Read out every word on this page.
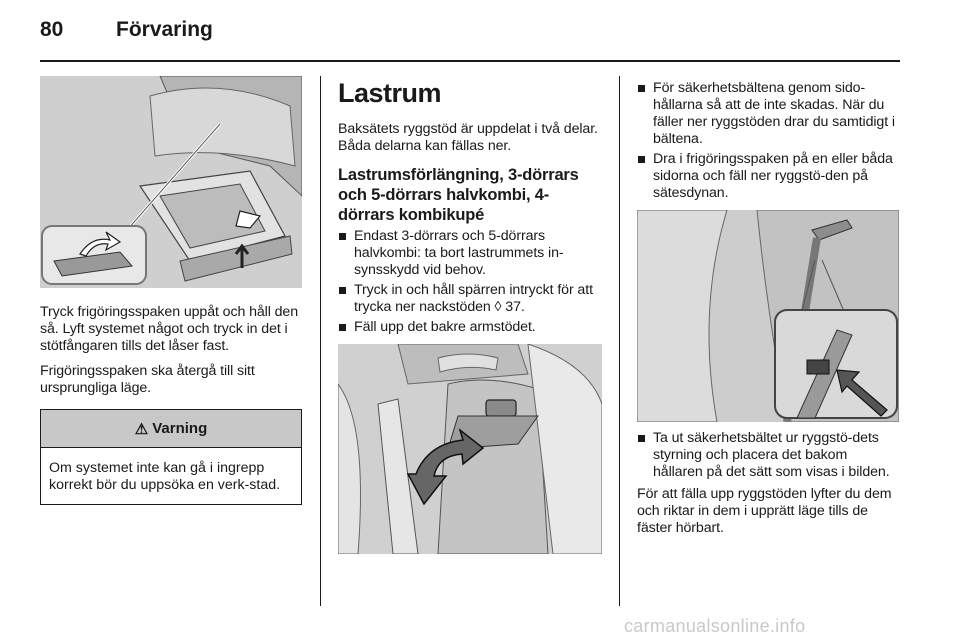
80	Förvaring

Tryck frigöringsspaken uppåt och håll den så. Lyft systemet något och tryck in det i stötfångaren tills det låser fast.

Frigöringsspaken ska återgå till sitt ursprungliga läge.

⚠ Varning
Om systemet inte kan gå i ingrepp korrekt bör du uppsöka en verk-stad.
Lastrum

Baksätets ryggstöd är uppdelat i två delar. Båda delarna kan fällas ner.

Lastrumsförlängning, 3-dörrars och 5-dörrars halvkombi, 4-dörrars kombikupé
Endast 3-dörrars och 5-dörrars halvkombi: ta bort lastrummets in-synsskydd vid behov.
Tryck in och håll spärren intryckt för att trycka ner nackstöden ◊ 37.
Fäll upp det bakre armstödet.
För säkerhetsbältena genom sido-hållarna så att de inte skadas. När du fäller ner ryggstöden drar du samtidigt i bältena.
Dra i frigöringsspaken på en eller båda sidorna och fäll ner ryggstö-den på sätesdynan.
Ta ut säkerhetsbältet ur ryggstö-dets styrning och placera det bakom hållaren på det sätt som visas i bilden.

För att fälla upp ryggstöden lyfter du dem och riktar in dem i upprätt läge tills de fäster hörbart.

carmanualsonline.info
